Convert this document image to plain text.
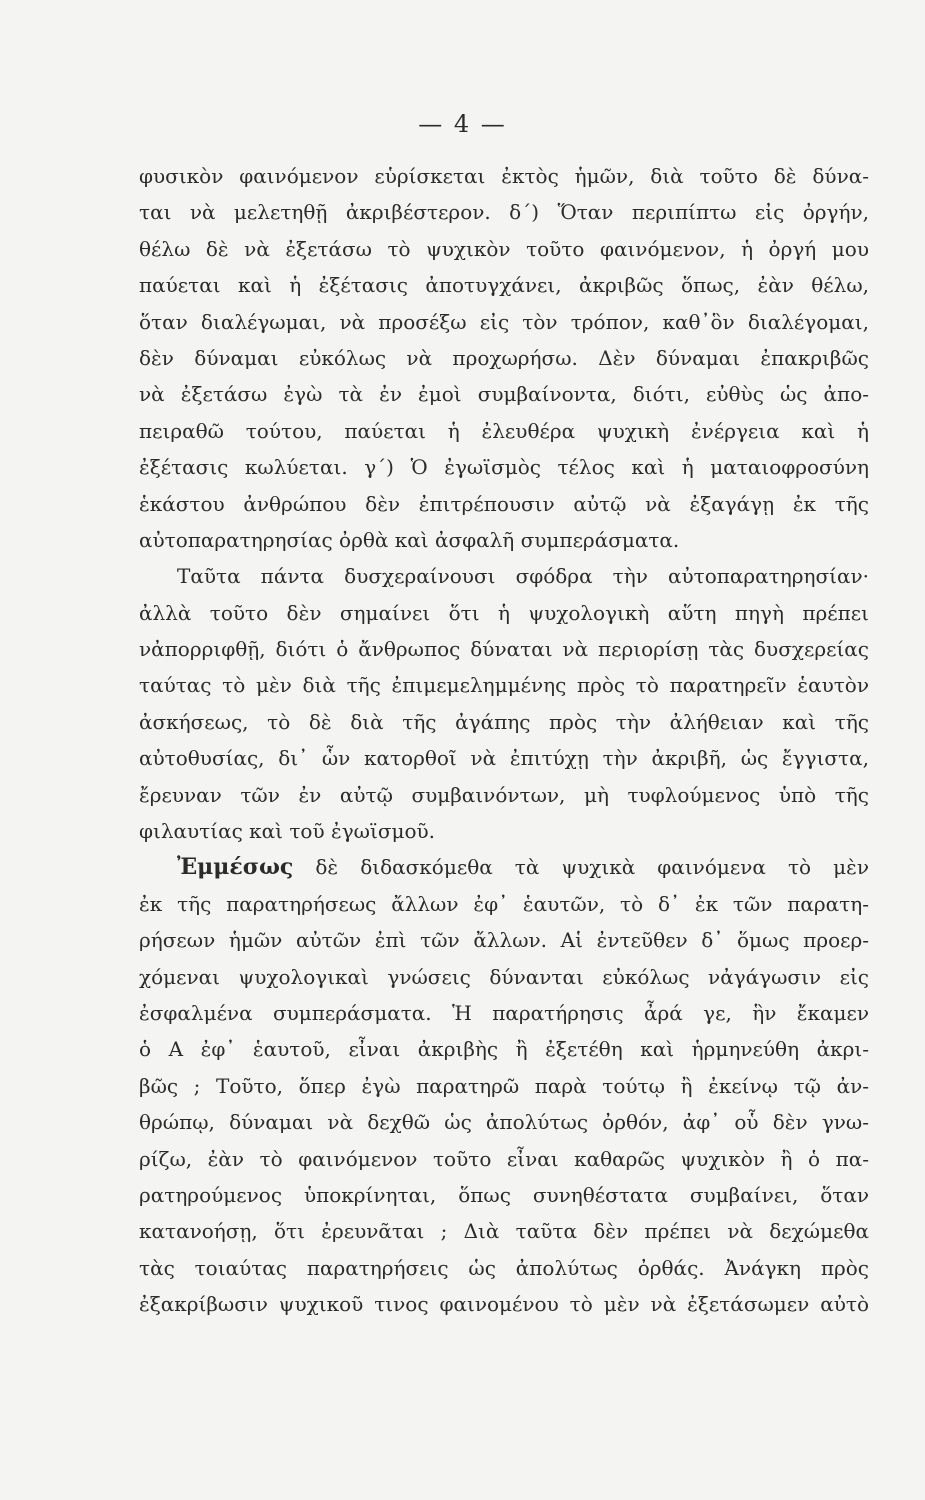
— 4 —
φυσικὸν φαινόμενον εὑρίσκεται ἐκτὸς ἡμῶν, διὰ τοῦτο δὲ δύνα-
ται νὰ μελετηθῇ ἀκριβέστερον. δ΄) Ὅταν περιπίπτω εἰς ὀργήν,
θέλω δὲ νὰ ἐξετάσω τὸ ψυχικὸν τοῦτο φαινόμενον, ἡ ὀργή μου
παύεται καὶ ἡ ἐξέτασις ἀποτυγχάνει, ἀκριβῶς ὅπως, ἐὰν θέλω,
ὅταν διαλέγωμαι, νὰ προσέξω εἰς τὸν τρόπον, καθ᾽ὃν διαλέγομαι,
δὲν δύναμαι εὐκόλως νὰ προχωρήσω. Δὲν δύναμαι ἐπακριβῶς
νὰ ἐξετάσω ἐγὼ τὰ ἐν ἐμοὶ συμβαίνοντα, διότι, εὐθὺς ὡς ἀπο-
πειραθῶ τούτου, παύεται ἡ ἐλευθέρα ψυχικὴ ἐνέργεια καὶ ἡ
ἐξέτασις κωλύεται. γ΄) Ὁ ἐγωϊσμὸς τέλος καὶ ἡ ματαιοφροσύνη
ἑκάστου ἀνθρώπου δὲν ἐπιτρέπουσιν αὐτῷ νὰ ἐξαγάγῃ ἐκ τῆς
αὐτοπαρατηρησίας ὀρθὰ καὶ ἀσφαλῆ συμπεράσματα.
Ταῦτα πάντα δυσχεραίνουσι σφόδρα τὴν αὐτοπαρατηρησίαν·
ἀλλὰ τοῦτο δὲν σημαίνει ὅτι ἡ ψυχολογικὴ αὕτη πηγὴ πρέπει
νἀπορριφθῇ, διότι ὁ ἄνθρωπος δύναται νὰ περιορίσῃ τὰς δυσχερείας
ταύτας τὸ μὲν διὰ τῆς ἐπιμεμελημμένης πρὸς τὸ παρατηρεῖν ἑαυτὸν
ἀσκήσεως, τὸ δὲ διὰ τῆς ἀγάπης πρὸς τὴν ἀλήθειαν καὶ τῆς
αὐτοθυσίας, δι᾽ ὧν κατορθοῖ νὰ ἐπιτύχῃ τὴν ἀκριβῆ, ὡς ἔγγιστα,
ἔρευναν τῶν ἐν αὐτῷ συμβαινόντων, μὴ τυφλούμενος ὑπὸ τῆς
φιλαυτίας καὶ τοῦ ἐγωϊσμοῦ.
Ἐμμέσως δὲ διδασκόμεθα τὰ ψυχικὰ φαινόμενα τὸ μὲν
ἐκ τῆς παρατηρήσεως ἄλλων ἐφ᾽ ἑαυτῶν, τὸ δ᾽ ἐκ τῶν παρατη-
ρήσεων ἡμῶν αὐτῶν ἐπὶ τῶν ἄλλων. Αἱ ἐντεῦθεν δ᾽ ὅμως προερ-
χόμεναι ψυχολογικαὶ γνώσεις δύνανται εὐκόλως νἀγάγωσιν εἰς
ἐσφαλμένα συμπεράσματα. Ἡ παρατήρησις ἆρά γε, ἣν ἔκαμεν
ὁ Α ἐφ᾽ ἑαυτοῦ, εἶναι ἀκριβὴς ἢ ἐξετέθη καὶ ἡρμηνεύθη ἀκρι-
βῶς ; Τοῦτο, ὅπερ ἐγὼ παρατηρῶ παρὰ τούτῳ ἢ ἐκείνῳ τῷ ἀν-
θρώπῳ, δύναμαι νὰ δεχθῶ ὡς ἀπολύτως ὀρθόν, ἀφ᾽ οὗ δὲν γνω-
ρίζω, ἐὰν τὸ φαινόμενον τοῦτο εἶναι καθαρῶς ψυχικὸν ἢ ὁ πα-
ρατηρούμενος ὑποκρίνηται, ὅπως συνηθέστατα συμβαίνει, ὅταν
κατανοήσῃ, ὅτι ἐρευνᾶται ; Διὰ ταῦτα δὲν πρέπει νὰ δεχώμεθα
τὰς τοιαύτας παρατηρήσεις ὡς ἀπολύτως ὀρθάς. Ἀνάγκη πρὸς
ἐξακρίβωσιν ψυχικοῦ τινος φαινομένου τὸ μὲν νὰ ἐξετάσωμεν αὐτὸ
